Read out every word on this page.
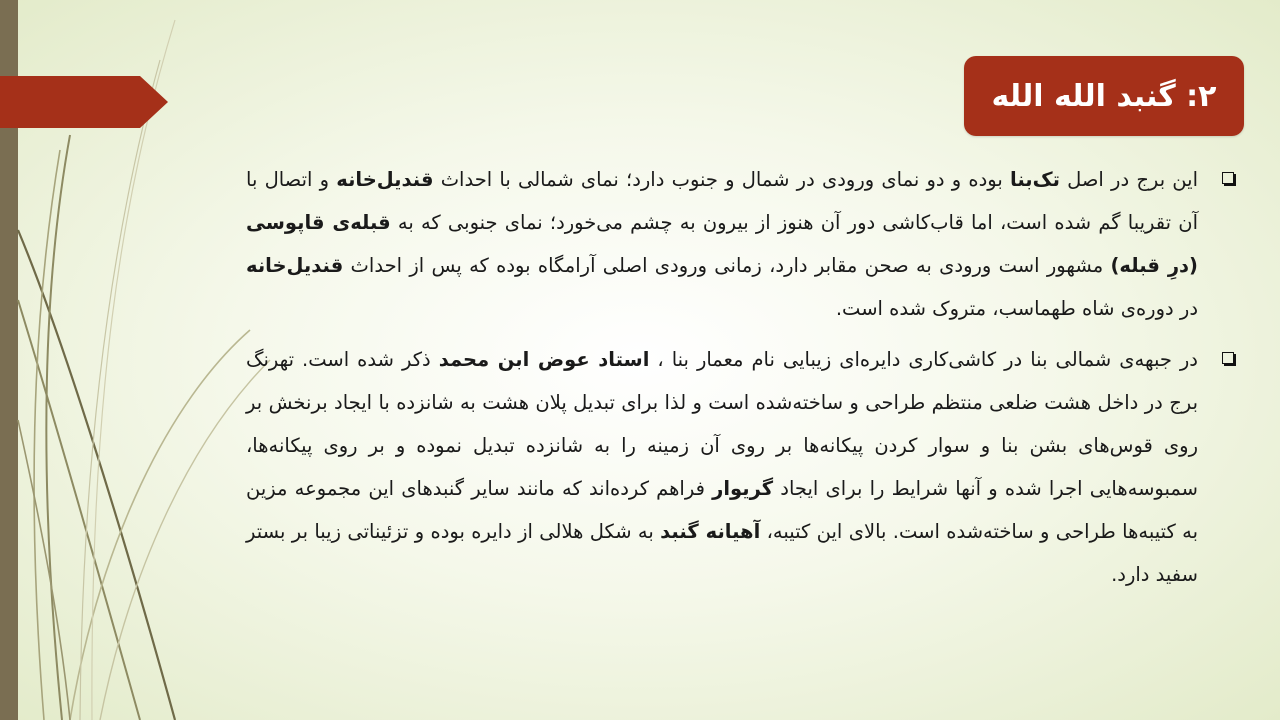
۲: گنبد الله الله

این برج در اصل تک‌بنا بوده و دو نمای ورودی در شمال و جنوب دارد؛ نمای شمالی با احداث قندیل‌خانه و اتصال با آن تقریبا گم شده است، اما قاب‌کاشی دور آن هنوز از بیرون به چشم می‌خورد؛ نمای جنوبی که به قبله‌ی قاپوسی (درِ قبله) مشهور است ورودی به صحن مقابر دارد، زمانی ورودی اصلی آرامگاه بوده که پس از احداث قندیل‌خانه در دوره‌ی شاه طهماسب، متروک شده است.

در جبهه‌ی شمالی بنا در کاشی‌کاری دایره‌ای زیبایی نام معمار بنا ، استاد عوض ابن محمد ذکر شده است. تهرنگ برج در داخل هشت ضلعی منتظم طراحی و ساخته‌شده است و لذا برای تبدیل پلان هشت به شانزده با ایجاد برنخش بر روی قوس‌های بشن بنا و سوار کردن پیکانه‌ها بر روی آن زمینه را به شانزده تبدیل نموده و بر روی پیکانه‌ها، سمبوسه‌هایی اجرا شده و آنها شرایط را برای ایجاد گریوار فراهم کرده‌اند که مانند سایر گنبدهای این مجموعه مزین به کتیبه‌ها طراحی و ساخته‌شده است. بالای این کتیبه، آهیانه گنبد به شکل هلالی از دایره بوده و تزئیناتی زیبا بر بستر سفید دارد.
